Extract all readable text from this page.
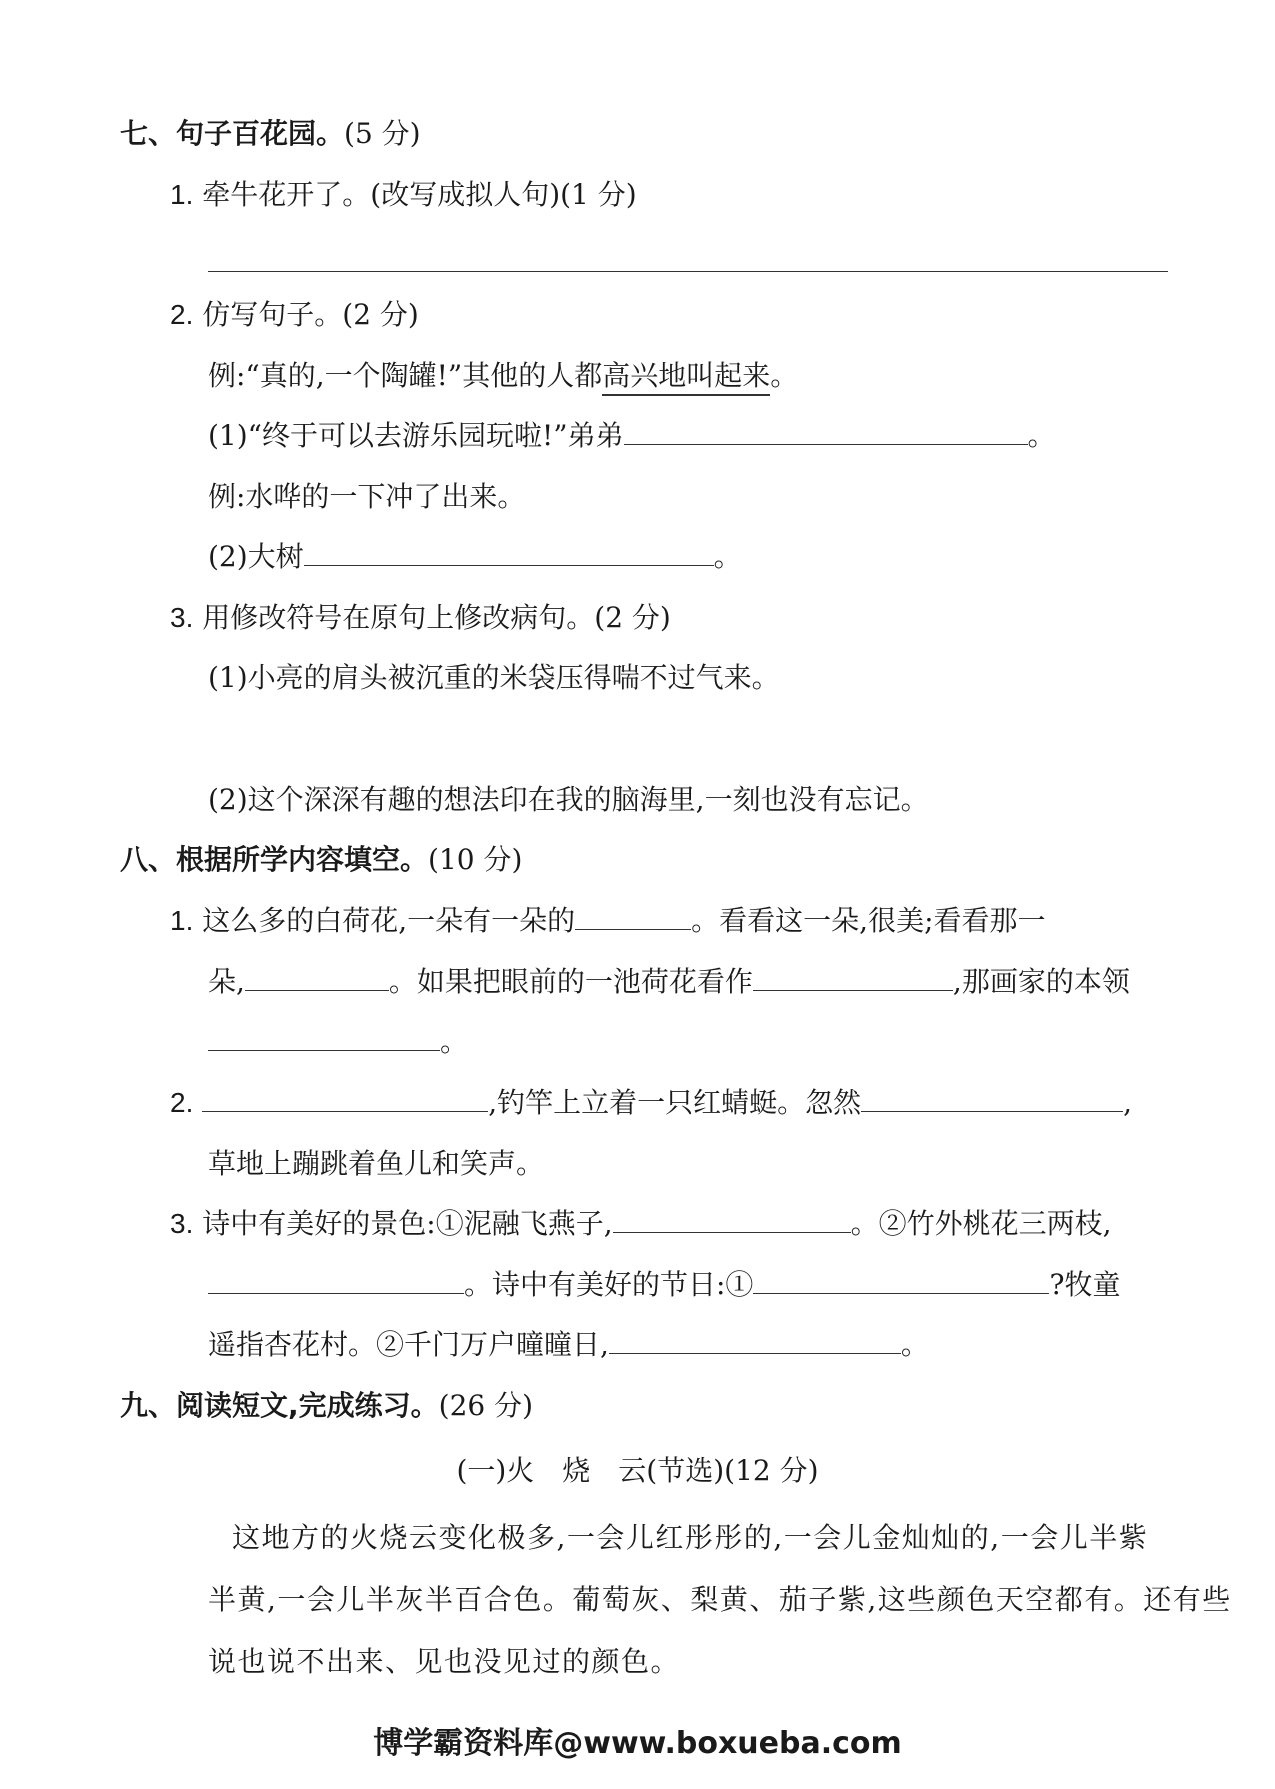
七、句子百花园。(5 分)
1. 牵牛花开了。(改写成拟人句)(1 分)
2. 仿写句子。(2 分)
例:“真的,一个陶罐!”其他的人都高兴地叫起来。
(1)“终于可以去游乐园玩啦!”弟弟	。
例:水哗的一下冲了出来。
(2)大树	。
3. 用修改符号在原句上修改病句。(2 分)
(1)小亮的肩头被沉重的米袋压得喘不过气来。
(2)这个深深有趣的想法印在我的脑海里,一刻也没有忘记。
八、根据所学内容填空。(10 分)
1. 这么多的白荷花,一朵有一朵的	。看看这一朵,很美;看看那一
朵,	。如果把眼前的一池荷花看作	,那画家的本领
。
2.	,钓竿上立着一只红蜻蜓。忽然	,
草地上蹦跳着鱼儿和笑声。
3. 诗中有美好的景色:①泥融飞燕子,	。②竹外桃花三两枝,
。诗中有美好的节日:①	?牧童
遥指杏花村。②千门万户曈曈日,	。
九、阅读短文,完成练习。(26 分)
(一)火　烧　云(节选)(12 分)
这地方的火烧云变化极多,一会儿红彤彤的,一会儿金灿灿的,一会儿半紫
半黄,一会儿半灰半百合色。葡萄灰、梨黄、茄子紫,这些颜色天空都有。还有些
说也说不出来、见也没见过的颜色。
博学霸资料库@www.boxueba.com
